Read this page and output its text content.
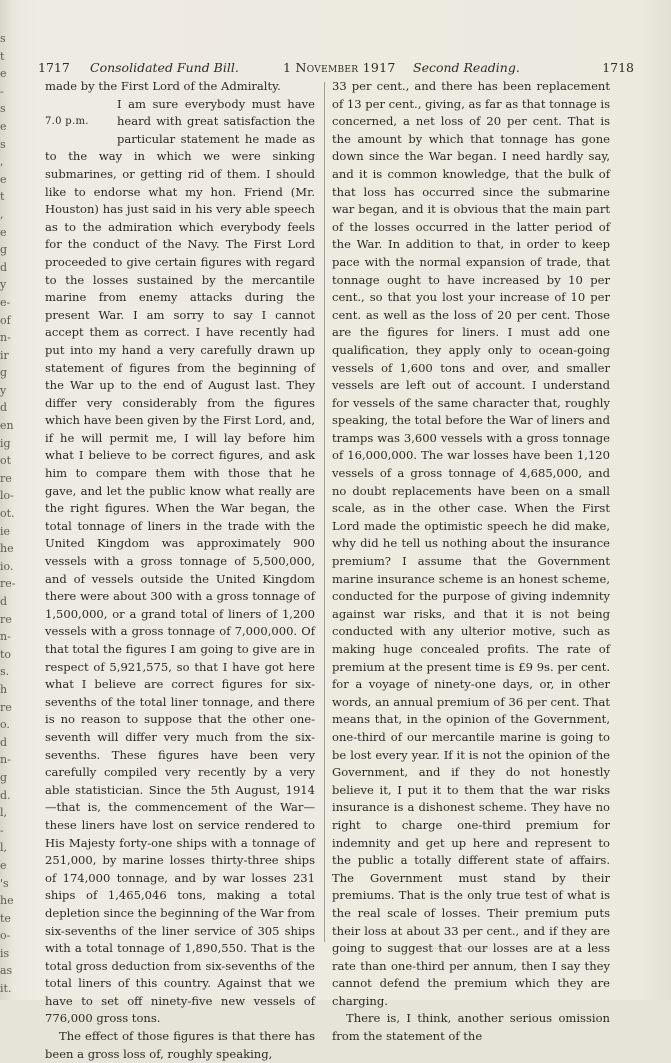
s
t
e
-
s
e
s
,
e
t
,
e
g
d
y
e-
of
n-
ir
g
y
d
en
ig
ot
re
lo-
ot.
ie
he
io.
re-
d
re
n-
to
s.
h
re
o.
d
n-
g
d.
l,
-
l,
e
's
he
te
o-
is
as
it.
1717 Consolidated Fund Bill.	1 November 1917 Second Reading.	1718

made by the First Lord of the Admiralty.

7.0 p.m.

I am sure everybody must have heard with great satisfaction the particular statement he made as to the way in which we were sinking submarines, or getting rid of them. I should like to endorse what my hon. Friend (Mr. Houston) has just said in his very able speech as to the admiration which everybody feels for the conduct of the Navy. The First Lord proceeded to give certain figures with regard to the losses sustained by the mercantile marine from enemy attacks during the present War. I am sorry to say I cannot accept them as correct. I have recently had put into my hand a very carefully drawn up statement of figures from the beginning of the War up to the end of August last. They differ very considerably from the figures which have been given by the First Lord, and, if he will permit me, I will lay before him what I believe to be correct figures, and ask him to compare them with those that he gave, and let the public know what really are the right figures. When the War began, the total tonnage of liners in the trade with the United Kingdom was approximately 900 vessels with a gross tonnage of 5,500,000, and of vessels outside the United Kingdom there were about 300 with a gross tonnage of 1,500,000, or a grand total of liners of 1,200 vessels with a gross tonnage of 7,000,000. Of that total the figures I am going to give are in respect of 5,921,575, so that I have got here what I believe are correct figures for six-sevenths of the total liner tonnage, and there is no reason to suppose that the other one-seventh will differ very much from the six-sevenths. These figures have been very carefully compiled very recently by a very able statistician. Since the 5th August, 1914—that is, the commencement of the War—these liners have lost on service rendered to His Majesty forty-one ships with a tonnage of 251,000, by marine losses thirty-three ships of 174,000 tonnage, and by war losses 231 ships of 1,465,046 tons, making a total depletion since the beginning of the War from six-sevenths of the liner service of 305 ships with a total tonnage of 1,890,550. That is the total gross deduction from six-sevenths of the total liners of this country. Against that we have to set off ninety-five new vessels of 776,000 gross tons.

The effect of those figures is that there has been a gross loss of, roughly speaking,

33 per cent., and there has been replacement of 13 per cent., giving, as far as that tonnage is concerned, a net loss of 20 per cent. That is the amount by which that tonnage has gone down since the War began. I need hardly say, and it is common knowledge, that the bulk of that loss has occurred since the submarine war began, and it is obvious that the main part of the losses occurred in the latter period of the War. In addition to that, in order to keep pace with the normal expansion of trade, that tonnage ought to have increased by 10 per cent., so that you lost your increase of 10 per cent. as well as the loss of 20 per cent. Those are the figures for liners. I must add one qualification, they apply only to ocean-going vessels of 1,600 tons and over, and smaller vessels are left out of account. I understand for vessels of the same character that, roughly speaking, the total before the War of liners and tramps was 3,600 vessels with a gross tonnage of 16,000,000. The war losses have been 1,120 vessels of a gross tonnage of 4,685,000, and no doubt replacements have been on a small scale, as in the other case. When the First Lord made the optimistic speech he did make, why did he tell us nothing about the insurance premium? I assume that the Government marine insurance scheme is an honest scheme, conducted for the purpose of giving indemnity against war risks, and that it is not being conducted with any ulterior motive, such as making huge concealed profits. The rate of premium at the present time is £9 9s. per cent. for a voyage of ninety-one days, or, in other words, an annual premium of 36 per cent. That means that, in the opinion of the Government, one-third of our mercantile marine is going to be lost every year. If it is not the opinion of the Government, and if they do not honestly believe it, I put it to them that the war risks insurance is a dishonest scheme. They have no right to charge one-third premium for indemnity and get up here and represent to the public a totally different state of affairs. The Government must stand by their premiums. That is the only true test of what is the real scale of losses. Their premium puts their loss at about 33 per cent., and if they are going to suggest that our losses are at a less rate than one-third per annum, then I say they cannot defend the premium which they are charging.

There is, I think, another serious omission from the statement of the
